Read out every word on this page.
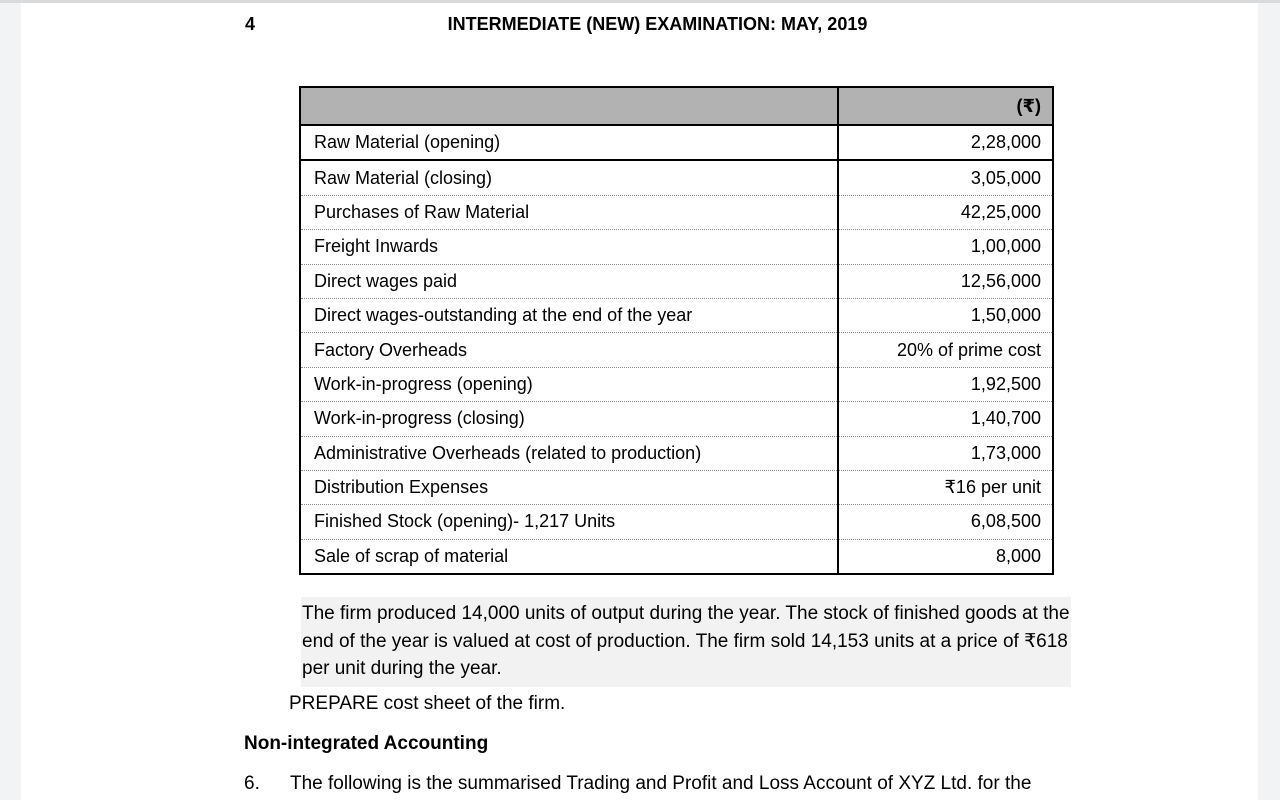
4	INTERMEDIATE (NEW) EXAMINATION: MAY, 2019
	(₹)
Raw Material (opening)	2,28,000
Raw Material (closing)	3,05,000
Purchases of Raw Material	42,25,000
Freight Inwards	1,00,000
Direct wages paid	12,56,000
Direct wages-outstanding at the end of the year	1,50,000
Factory Overheads	20% of prime cost
Work-in-progress (opening)	1,92,500
Work-in-progress (closing)	1,40,700
Administrative Overheads (related to production)	1,73,000
Distribution Expenses	₹16 per unit
Finished Stock (opening)- 1,217 Units	6,08,500
Sale of scrap of material	8,000
The firm produced 14,000 units of output during the year. The stock of finished goods at the end of the year is valued at cost of production. The firm sold 14,153 units at a price of ₹618 per unit during the year.
PREPARE cost sheet of the firm.
Non-integrated Accounting
6. The following is the summarised Trading and Profit and Loss Account of XYZ Ltd. for the
